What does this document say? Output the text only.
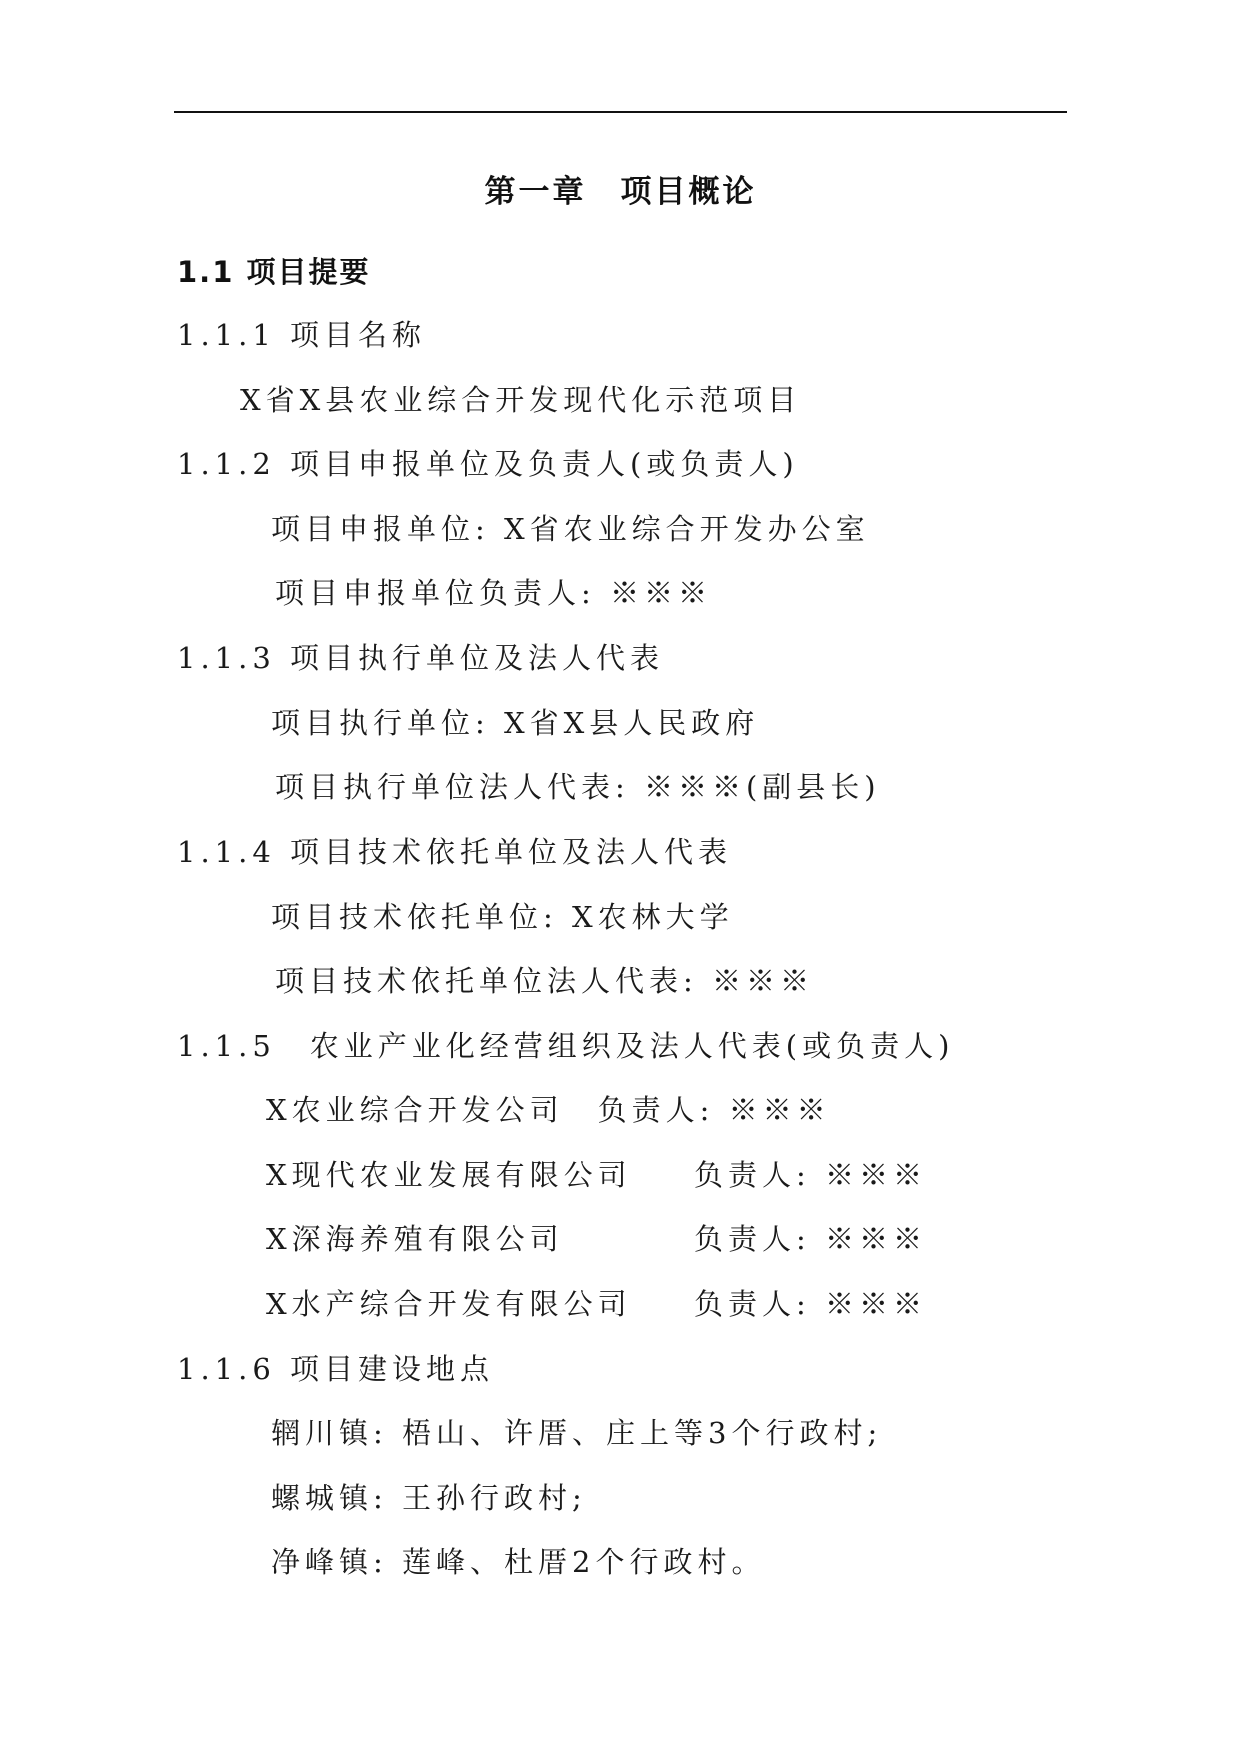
第一章　项目概论
1.1 项目提要
1.1.1 项目名称
X省X县农业综合开发现代化示范项目
1.1.2 项目申报单位及负责人(或负责人)
项目申报单位: X省农业综合开发办公室
项目申报单位负责人: ※※※
1.1.3 项目执行单位及法人代表
项目执行单位: X省X县人民政府
项目执行单位法人代表: ※※※(副县长)
1.1.4 项目技术依托单位及法人代表
项目技术依托单位: X农林大学
项目技术依托单位法人代表: ※※※
1.1.5　农业产业化经营组织及法人代表(或负责人)
X农业综合开发公司　负责人: ※※※
X现代农业发展有限公司 负责人: ※※※
X深海养殖有限公司	负责人: ※※※
X水产综合开发有限公司 负责人: ※※※
1.1.6 项目建设地点
辋川镇: 梧山、许厝、庄上等3个行政村;
螺城镇: 王孙行政村;
净峰镇: 莲峰、杜厝2个行政村。
